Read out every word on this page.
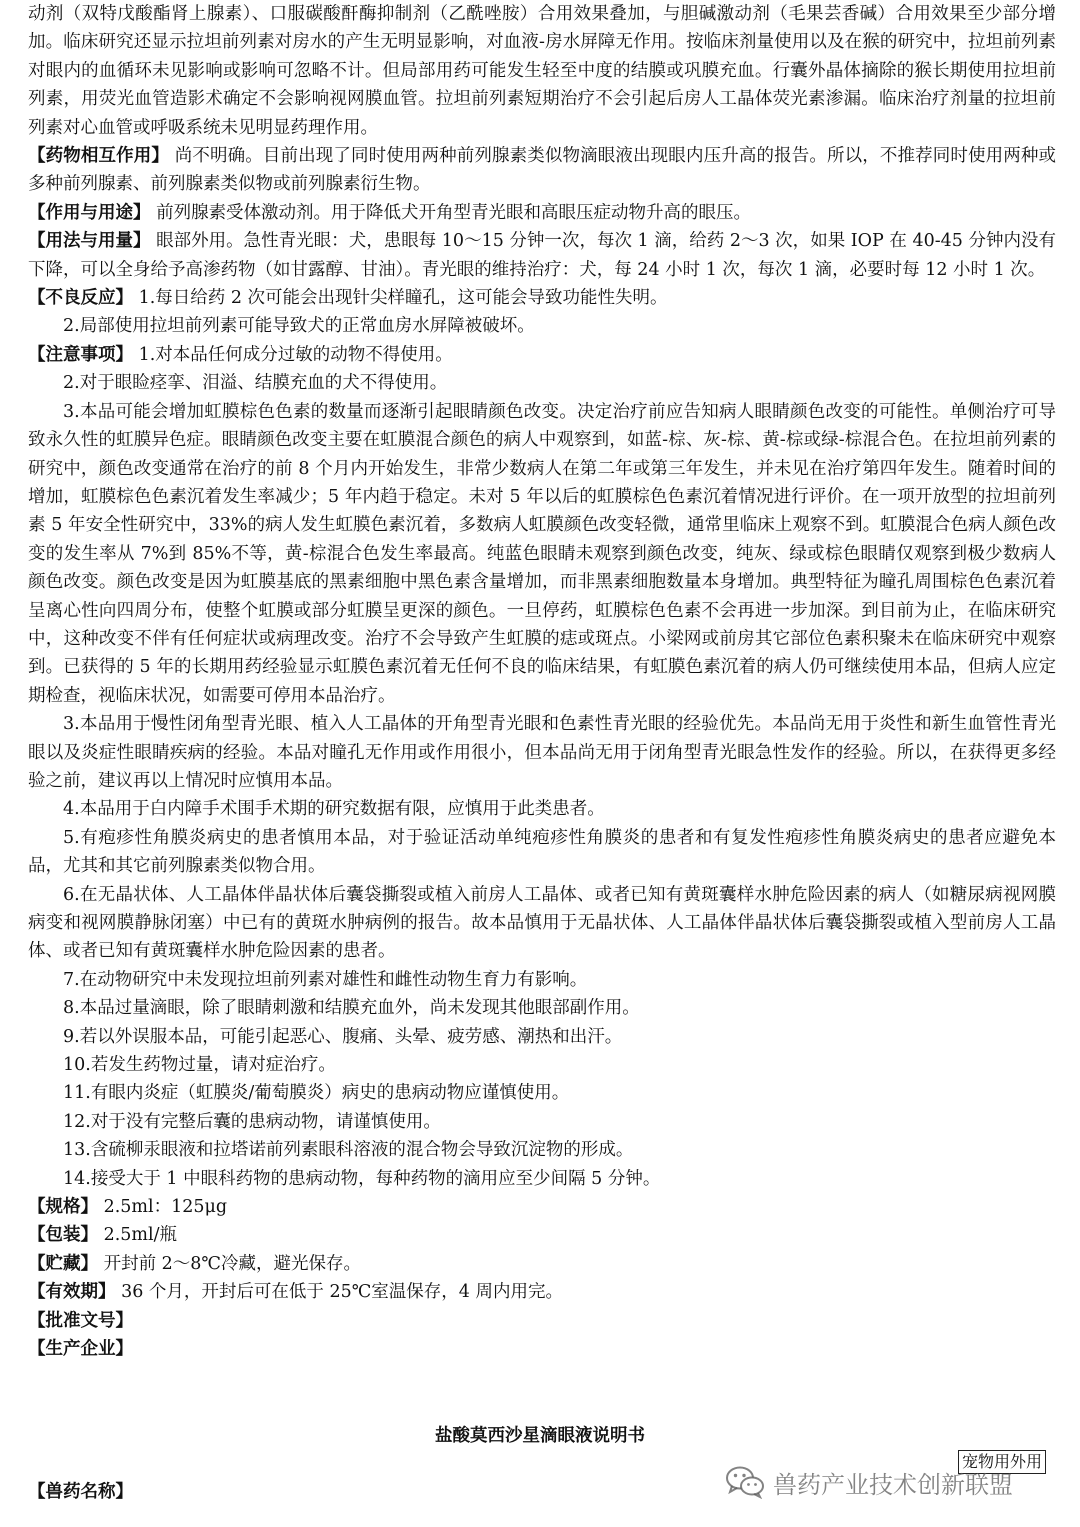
动剂（双特戊酸酯肾上腺素）、口服碳酸酐酶抑制剂（乙酰唑胺）合用效果叠加，与胆碱激动剂（毛果芸香碱）合用效果至少部分增加。临床研究还显示拉坦前列素对房水的产生无明显影响，对血液-房水屏障无作用。按临床剂量使用以及在猴的研究中，拉坦前列素对眼内的血循环未见影响或影响可忽略不计。但局部用药可能发生轻至中度的结膜或巩膜充血。行囊外晶体摘除的猴长期使用拉坦前列素，用荧光血管造影术确定不会影响视网膜血管。拉坦前列素短期治疗不会引起后房人工晶体荧光素渗漏。临床治疗剂量的拉坦前列素对心血管或呼吸系统未见明显药理作用。

【药物相互作用】 尚不明确。目前出现了同时使用两种前列腺素类似物滴眼液出现眼内压升高的报告。所以，不推荐同时使用两种或多种前列腺素、前列腺素类似物或前列腺素衍生物。

【作用与用途】 前列腺素受体激动剂。用于降低犬开角型青光眼和高眼压症动物升高的眼压。

【用法与用量】 眼部外用。急性青光眼：犬，患眼每 10～15 分钟一次，每次 1 滴，给药 2～3 次，如果 IOP 在 40-45 分钟内没有下降，可以全身给予高渗药物（如甘露醇、甘油）。青光眼的维持治疗：犬，每 24 小时 1 次，每次 1 滴，必要时每 12 小时 1 次。

【不良反应】 1.每日给药 2 次可能会出现针尖样瞳孔，这可能会导致功能性失明。

2.局部使用拉坦前列素可能导致犬的正常血房水屏障被破坏。

【注意事项】 1.对本品任何成分过敏的动物不得使用。

2.对于眼睑痉挛、泪溢、结膜充血的犬不得使用。

3.本品可能会增加虹膜棕色色素的数量而逐渐引起眼睛颜色改变。决定治疗前应告知病人眼睛颜色改变的可能性。单侧治疗可导致永久性的虹膜异色症。眼睛颜色改变主要在虹膜混合颜色的病人中观察到，如蓝-棕、灰-棕、黄-棕或绿-棕混合色。在拉坦前列素的研究中，颜色改变通常在治疗的前 8 个月内开始发生，非常少数病人在第二年或第三年发生，并未见在治疗第四年发生。随着时间的增加，虹膜棕色色素沉着发生率减少；5 年内趋于稳定。未对 5 年以后的虹膜棕色色素沉着情况进行评价。在一项开放型的拉坦前列素 5 年安全性研究中，33%的病人发生虹膜色素沉着，多数病人虹膜颜色改变轻微，通常里临床上观察不到。虹膜混合色病人颜色改变的发生率从 7%到 85%不等，黄-棕混合色发生率最高。纯蓝色眼睛未观察到颜色改变，纯灰、绿或棕色眼睛仅观察到极少数病人颜色改变。颜色改变是因为虹膜基底的黑素细胞中黑色素含量增加，而非黑素细胞数量本身增加。典型特征为瞳孔周围棕色色素沉着呈离心性向四周分布，使整个虹膜或部分虹膜呈更深的颜色。一旦停药，虹膜棕色色素不会再进一步加深。到目前为止，在临床研究中，这种改变不伴有任何症状或病理改变。治疗不会导致产生虹膜的痣或斑点。小梁网或前房其它部位色素积聚未在临床研究中观察到。已获得的 5 年的长期用药经验显示虹膜色素沉着无任何不良的临床结果，有虹膜色素沉着的病人仍可继续使用本品，但病人应定期检查，视临床状况，如需要可停用本品治疗。

3.本品用于慢性闭角型青光眼、植入人工晶体的开角型青光眼和色素性青光眼的经验优先。本品尚无用于炎性和新生血管性青光眼以及炎症性眼睛疾病的经验。本品对瞳孔无作用或作用很小，但本品尚无用于闭角型青光眼急性发作的经验。所以，在获得更多经验之前，建议再以上情况时应慎用本品。

4.本品用于白内障手术围手术期的研究数据有限，应慎用于此类患者。

5.有疱疹性角膜炎病史的患者慎用本品，对于验证活动单纯疱疹性角膜炎的患者和有复发性疱疹性角膜炎病史的患者应避免本品，尤其和其它前列腺素类似物合用。

6.在无晶状体、人工晶体伴晶状体后囊袋撕裂或植入前房人工晶体、或者已知有黄斑囊样水肿危险因素的病人（如糖尿病视网膜病变和视网膜静脉闭塞）中已有的黄斑水肿病例的报告。故本品慎用于无晶状体、人工晶体伴晶状体后囊袋撕裂或植入型前房人工晶体、或者已知有黄斑囊样水肿危险因素的患者。

7.在动物研究中未发现拉坦前列素对雄性和雌性动物生育力有影响。

8.本品过量滴眼，除了眼睛刺激和结膜充血外，尚未发现其他眼部副作用。

9.若以外误服本品，可能引起恶心、腹痛、头晕、疲劳感、潮热和出汗。

10.若发生药物过量，请对症治疗。

11.有眼内炎症（虹膜炎/葡萄膜炎）病史的患病动物应谨慎使用。

12.对于没有完整后囊的患病动物，请谨慎使用。

13.含硫柳汞眼液和拉塔诺前列素眼科溶液的混合物会导致沉淀物的形成。

14.接受大于 1 中眼科药物的患病动物，每种药物的滴用应至少间隔 5 分钟。

【规格】 2.5ml：125μg

【包装】 2.5ml/瓶

【贮藏】 开封前 2～8℃冷藏，避光保存。

【有效期】 36 个月，开封后可在低于 25℃室温保存，4 周内用完。

【批准文号】

【生产企业】

盐酸莫西沙星滴眼液说明书
宠物用外用
【兽药名称】	兽药产业技术创新联盟
